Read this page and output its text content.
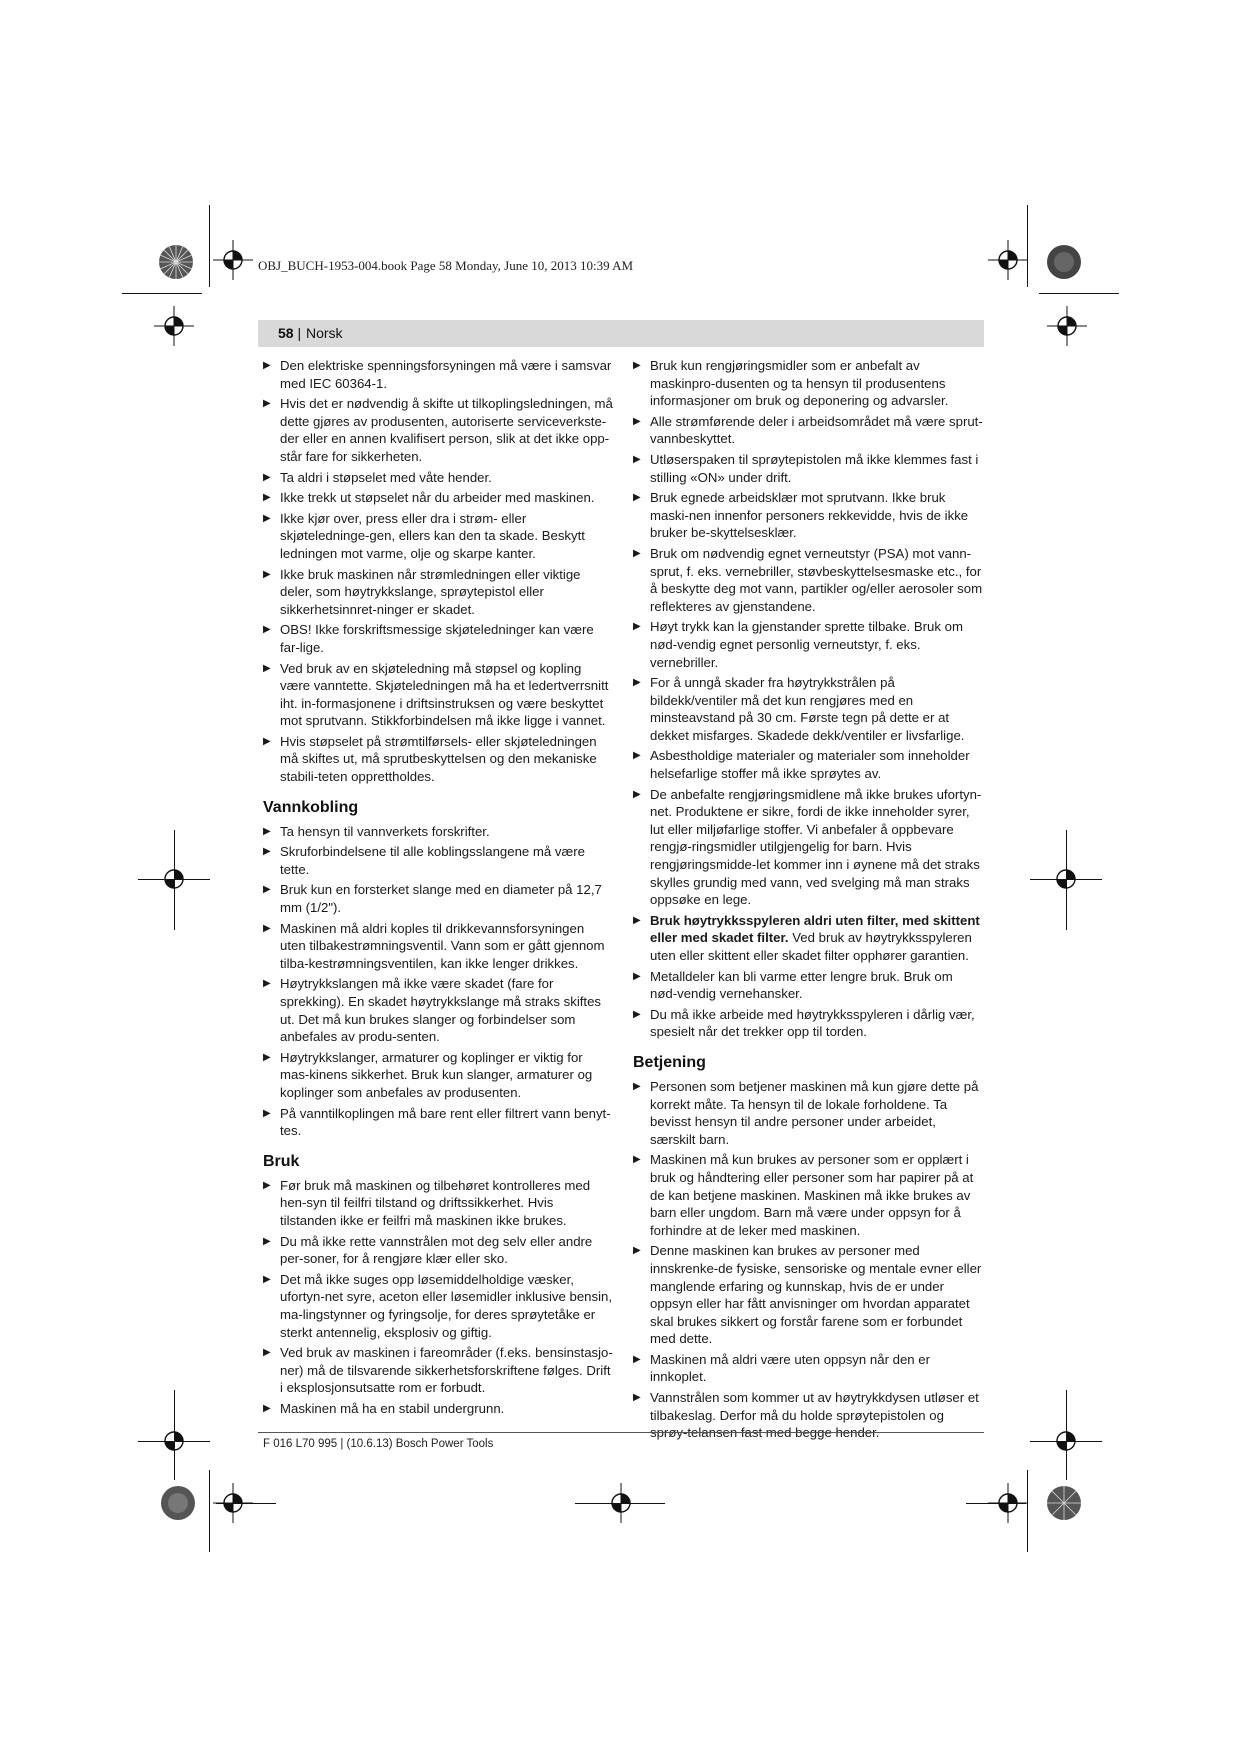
OBJ_BUCH-1953-004.book Page 58 Monday, June 10, 2013 10:39 AM
58 | Norsk
▶ Den elektriske spenningsforsyningen må være i samsvar med IEC 60364-1.
▶ Hvis det er nødvendig å skifte ut tilkoplingsledningen, må dette gjøres av produsenten, autoriserte serviceverkste-der eller en annen kvalifisert person, slik at det ikke opp-står fare for sikkerheten.
▶ Ta aldri i støpselet med våte hender.
▶ Ikke trekk ut støpselet når du arbeider med maskinen.
▶ Ikke kjør over, press eller dra i strøm- eller skjøteledninge-gen, ellers kan den ta skade. Beskytt ledningen mot varme, olje og skarpe kanter.
▶ Ikke bruk maskinen når strømledningen eller viktige deler, som høytrykkslange, sprøytepistol eller sikkerhetsinnret-ninger er skadet.
▶ OBS! Ikke forskriftsmessige skjøteledninger kan være far-lige.
▶ Ved bruk av en skjøteledning må støpsel og kopling være vanntette. Skjøteledningen må ha et ledertverrsnitt iht. in-formasjonene i driftsinstruksen og være beskyttet mot sprutvann. Stikkforbindelsen må ikke ligge i vannet.
▶ Hvis støpselet på strømtilførsels- eller skjøteledningen må skiftes ut, må sprutbeskyttelsen og den mekaniske stabili-teten opprettholdes.
Vannkobling
▶ Ta hensyn til vannverkets forskrifter.
▶ Skruforbindelsene til alle koblingsslangene må være tette.
▶ Bruk kun en forsterket slange med en diameter på 12,7 mm (1/2").
▶ Maskinen må aldri koples til drikkevannsforsyningen uten tilbakestrømningsventil. Vann som er gått gjennom tilba-kestrømningsventilen, kan ikke lenger drikkes.
▶ Høytrykkslangen må ikke være skadet (fare for sprekking). En skadet høytrykkslange må straks skiftes ut. Det må kun brukes slanger og forbindelser som anbefales av produ-senten.
▶ Høytrykkslanger, armaturer og koplinger er viktig for mas-kinens sikkerhet. Bruk kun slanger, armaturer og koplinger som anbefales av produsenten.
▶ På vanntilkoplingen må bare rent eller filtrert vann benyt-tes.
Bruk
▶ Før bruk må maskinen og tilbehøret kontrolleres med hen-syn til feilfri tilstand og driftssikkerhet. Hvis tilstanden ikke er feilfri må maskinen ikke brukes.
▶ Du må ikke rette vannstrålen mot deg selv eller andre per-soner, for å rengjøre klær eller sko.
▶ Det må ikke suges opp løsemiddelholdige væsker, ufortyn-net syre, aceton eller løsemidler inklusive bensin, ma-lingstynner og fyringsolje, for deres sprøytetåke er sterkt antennelig, eksplosiv og giftig.
▶ Ved bruk av maskinen i fareområder (f.eks. bensinstasjo-ner) må de tilsvarende sikkerhetsforskriftene følges. Drift i eksplosjonsutsatte rom er forbudt.
▶ Maskinen må ha en stabil undergrunn.
▶ Bruk kun rengjøringsmidler som er anbefalt av maskinpro-dusenten og ta hensyn til produsentens informasjoner om bruk og deponering og advarsler.
▶ Alle strømførende deler i arbeidsområdet må være sprut-vannbeskyttet.
▶ Utløserspaken til sprøytepistolen må ikke klemmes fast i stilling «ON» under drift.
▶ Bruk egnede arbeidsklær mot sprutvann. Ikke bruk maski-nen innenfor personers rekkevidde, hvis de ikke bruker be-skyttelsesklær.
▶ Bruk om nødvendig egnet verneutstyr (PSA) mot vann-sprut, f. eks. vernebriller, støvbeskyttelsesmaske etc., for å beskytte deg mot vann, partikler og/eller aerosoler som reflekteres av gjenstandene.
▶ Høyt trykk kan la gjenstander sprette tilbake. Bruk om nød-vendig egnet personlig verneutstyr, f. eks. vernebriller.
▶ For å unngå skader fra høytrykkstrålen på bildekk/ventiler må det kun rengjøres med en minsteavstand på 30 cm. Første tegn på dette er at dekket misfarges. Skadede dekk/ventiler er livsfarlige.
▶ Asbestholdige materialer og materialer som inneholder helsefarlige stoffer må ikke sprøytes av.
▶ De anbefalte rengjøringsmidlene må ikke brukes ufortyn-net. Produktene er sikre, fordi de ikke inneholder syrer, lut eller miljøfarlige stoffer. Vi anbefaler å oppbevare rengjø-ringsmidler utilgjengelig for barn. Hvis rengjøringsmidde-let kommer inn i øynene må det straks skylles grundig med vann, ved svelging må man straks oppsøke en lege.
▶ Bruk høytrykksspyleren aldri uten filter, med skittent eller med skadet filter. Ved bruk av høytrykksspyleren uten eller skittent eller skadet filter opphører garantien.
▶ Metalldeler kan bli varme etter lengre bruk. Bruk om nød-vendig vernehansker.
▶ Du må ikke arbeide med høytrykksspyleren i dårlig vær, spesielt når det trekker opp til torden.
Betjening
▶ Personen som betjener maskinen må kun gjøre dette på korrekt måte. Ta hensyn til de lokale forholdene. Ta bevisst hensyn til andre personer under arbeidet, særskilt barn.
▶ Maskinen må kun brukes av personer som er opplært i bruk og håndtering eller personer som har papirer på at de kan betjene maskinen. Maskinen må ikke brukes av barn eller ungdom. Barn må være under oppsyn for å forhindre at de leker med maskinen.
▶ Denne maskinen kan brukes av personer med innskrenke-de fysiske, sensoriske og mentale evner eller manglende erfaring og kunnskap, hvis de er under oppsyn eller har fått anvisninger om hvordan apparatet skal brukes sikkert og forstår farene som er forbundet med dette.
▶ Maskinen må aldri være uten oppsyn når den er innkoplet.
▶ Vannstrålen som kommer ut av høytrykkdysen utløser et tilbakeslag. Derfor må du holde sprøytepistolen og sprøy-telansen fast med begge hender.
F 016 L70 995 | (10.6.13) Bosch Power Tools
